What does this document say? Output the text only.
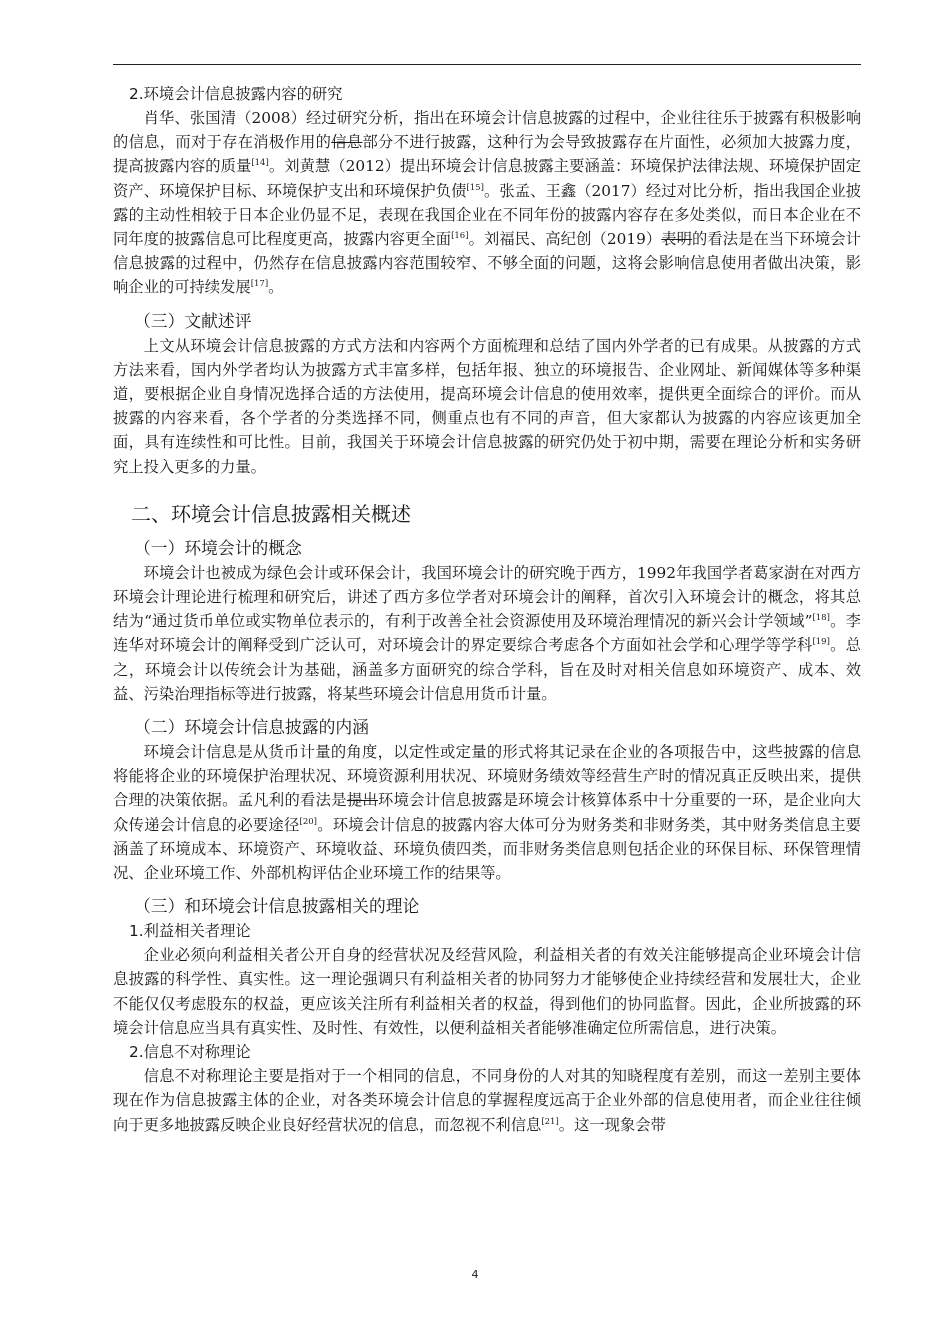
2.环境会计信息披露内容的研究

肖华、张国清（2008）经过研究分析，指出在环境会计信息披露的过程中，企业往往乐于披露有积极影响的信息，而对于存在消极作用的信息部分不进行披露，这种行为会导致披露存在片面性，必须加大披露力度，提高披露内容的质量[14]。刘黄慧（2012）提出环境会计信息披露主要涵盖：环境保护法律法规、环境保护固定资产、环境保护目标、环境保护支出和环境保护负债[15]。张孟、王鑫（2017）经过对比分析，指出我国企业披露的主动性相较于日本企业仍显不足，表现在我国企业在不同年份的披露内容存在多处类似，而日本企业在不同年度的披露信息可比程度更高，披露内容更全面[16]。刘福民、高纪创（2019）表明的看法是在当下环境会计信息披露的过程中，仍然存在信息披露内容范围较窄、不够全面的问题，这将会影响信息使用者做出决策，影响企业的可持续发展[17]。

（三）文献述评

上文从环境会计信息披露的方式方法和内容两个方面梳理和总结了国内外学者的已有成果。从披露的方式方法来看，国内外学者均认为披露方式丰富多样，包括年报、独立的环境报告、企业网址、新闻媒体等多种渠道，要根据企业自身情况选择合适的方法使用，提高环境会计信息的使用效率，提供更全面综合的评价。而从披露的内容来看，各个学者的分类选择不同，侧重点也有不同的声音，但大家都认为披露的内容应该更加全面，具有连续性和可比性。目前，我国关于环境会计信息披露的研究仍处于初中期，需要在理论分析和实务研究上投入更多的力量。

二、环境会计信息披露相关概述

（一）环境会计的概念

环境会计也被成为绿色会计或环保会计，我国环境会计的研究晚于西方，1992年我国学者葛家澍在对西方环境会计理论进行梳理和研究后，讲述了西方多位学者对环境会计的阐释，首次引入环境会计的概念，将其总结为“通过货币单位或实物单位表示的，有利于改善全社会资源使用及环境治理情况的新兴会计学领域”[18]。李连华对环境会计的阐释受到广泛认可，对环境会计的界定要综合考虑各个方面如社会学和心理学等学科[19]。总之，环境会计以传统会计为基础，涵盖多方面研究的综合学科，旨在及时对相关信息如环境资产、成本、效益、污染治理指标等进行披露，将某些环境会计信息用货币计量。

（二）环境会计信息披露的内涵

环境会计信息是从货币计量的角度，以定性或定量的形式将其记录在企业的各项报告中，这些披露的信息将能将企业的环境保护治理状况、环境资源利用状况、环境财务绩效等经营生产时的情况真正反映出来，提供合理的决策依据。孟凡利的看法是提出环境会计信息披露是环境会计核算体系中十分重要的一环，是企业向大众传递会计信息的必要途径[20]。环境会计信息的披露内容大体可分为财务类和非财务类，其中财务类信息主要涵盖了环境成本、环境资产、环境收益、环境负债四类，而非财务类信息则包括企业的环保目标、环保管理情况、企业环境工作、外部机构评估企业环境工作的结果等。

（三）和环境会计信息披露相关的理论

1.利益相关者理论

企业必须向利益相关者公开自身的经营状况及经营风险，利益相关者的有效关注能够提高企业环境会计信息披露的科学性、真实性。这一理论强调只有利益相关者的协同努力才能够使企业持续经营和发展壮大，企业不能仅仅考虑股东的权益，更应该关注所有利益相关者的权益，得到他们的协同监督。因此，企业所披露的环境会计信息应当具有真实性、及时性、有效性，以便利益相关者能够准确定位所需信息，进行决策。

2.信息不对称理论

信息不对称理论主要是指对于一个相同的信息，不同身份的人对其的知晓程度有差别，而这一差别主要体现在作为信息披露主体的企业，对各类环境会计信息的掌握程度远高于企业外部的信息使用者，而企业往往倾向于更多地披露反映企业良好经营状况的信息，而忽视不利信息[21]。这一现象会带

4
